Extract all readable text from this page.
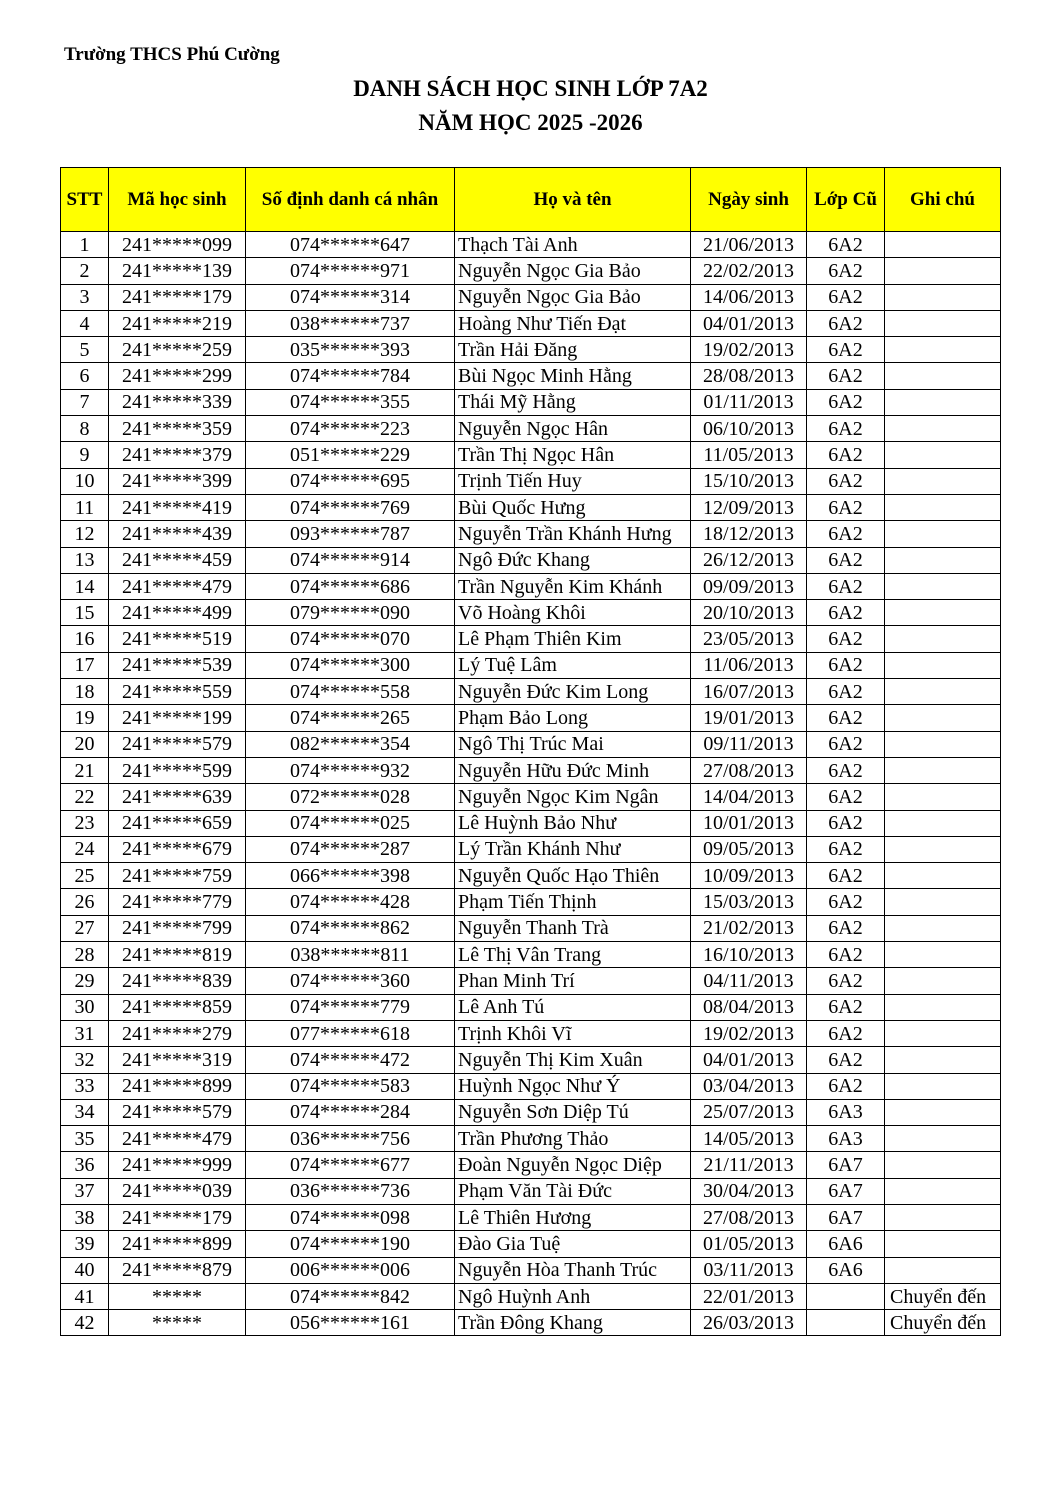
Trường THCS Phú Cường
DANH SÁCH HỌC SINH LỚP 7A2
NĂM HỌC 2025 -2026
STT	Mã học sinh	Số định danh cá nhân	Họ và tên	Ngày sinh	Lớp Cũ	Ghi chú
1	241*****099	074******647	Thạch Tài Anh	21/06/2013	6A2	
2	241*****139	074******971	Nguyễn Ngọc Gia Bảo	22/02/2013	6A2	
3	241*****179	074******314	Nguyễn Ngọc Gia Bảo	14/06/2013	6A2	
4	241*****219	038******737	Hoàng Như Tiến Đạt	04/01/2013	6A2	
5	241*****259	035******393	Trần Hải Đăng	19/02/2013	6A2	
6	241*****299	074******784	Bùi Ngọc Minh Hằng	28/08/2013	6A2	
7	241*****339	074******355	Thái Mỹ Hằng	01/11/2013	6A2	
8	241*****359	074******223	Nguyễn Ngọc Hân	06/10/2013	6A2	
9	241*****379	051******229	Trần Thị Ngọc Hân	11/05/2013	6A2	
10	241*****399	074******695	Trịnh Tiến Huy	15/10/2013	6A2	
11	241*****419	074******769	Bùi Quốc Hưng	12/09/2013	6A2	
12	241*****439	093******787	Nguyễn Trần Khánh Hưng	18/12/2013	6A2	
13	241*****459	074******914	Ngô Đức Khang	26/12/2013	6A2	
14	241*****479	074******686	Trần Nguyễn Kim Khánh	09/09/2013	6A2	
15	241*****499	079******090	Võ Hoàng Khôi	20/10/2013	6A2	
16	241*****519	074******070	Lê Phạm Thiên Kim	23/05/2013	6A2	
17	241*****539	074******300	Lý Tuệ Lâm	11/06/2013	6A2	
18	241*****559	074******558	Nguyễn Đức Kim Long	16/07/2013	6A2	
19	241*****199	074******265	Phạm Bảo Long	19/01/2013	6A2	
20	241*****579	082******354	Ngô Thị Trúc Mai	09/11/2013	6A2	
21	241*****599	074******932	Nguyễn Hữu Đức Minh	27/08/2013	6A2	
22	241*****639	072******028	Nguyễn Ngọc Kim Ngân	14/04/2013	6A2	
23	241*****659	074******025	Lê Huỳnh Bảo Như	10/01/2013	6A2	
24	241*****679	074******287	Lý Trần Khánh Như	09/05/2013	6A2	
25	241*****759	066******398	Nguyễn Quốc Hạo Thiên	10/09/2013	6A2	
26	241*****779	074******428	Phạm Tiến Thịnh	15/03/2013	6A2	
27	241*****799	074******862	Nguyễn Thanh Trà	21/02/2013	6A2	
28	241*****819	038******811	Lê Thị Vân Trang	16/10/2013	6A2	
29	241*****839	074******360	Phan Minh Trí	04/11/2013	6A2	
30	241*****859	074******779	Lê Anh Tú	08/04/2013	6A2	
31	241*****279	077******618	Trịnh Khôi Vĩ	19/02/2013	6A2	
32	241*****319	074******472	Nguyễn Thị Kim Xuân	04/01/2013	6A2	
33	241*****899	074******583	Huỳnh Ngọc Như Ý	03/04/2013	6A2	
34	241*****579	074******284	Nguyễn Sơn Diệp Tú	25/07/2013	6A3	
35	241*****479	036******756	Trần Phương Thảo	14/05/2013	6A3	
36	241*****999	074******677	Đoàn Nguyễn Ngọc Diệp	21/11/2013	6A7	
37	241*****039	036******736	Phạm Văn Tài Đức	30/04/2013	6A7	
38	241*****179	074******098	Lê Thiên Hương	27/08/2013	6A7	
39	241*****899	074******190	Đào Gia Tuệ	01/05/2013	6A6	
40	241*****879	006******006	Nguyễn Hòa Thanh Trúc	03/11/2013	6A6	
41	*****	074******842	Ngô Huỳnh Anh	22/01/2013		Chuyển đến
42	*****	056******161	Trần Đông Khang	26/03/2013		Chuyển đến
